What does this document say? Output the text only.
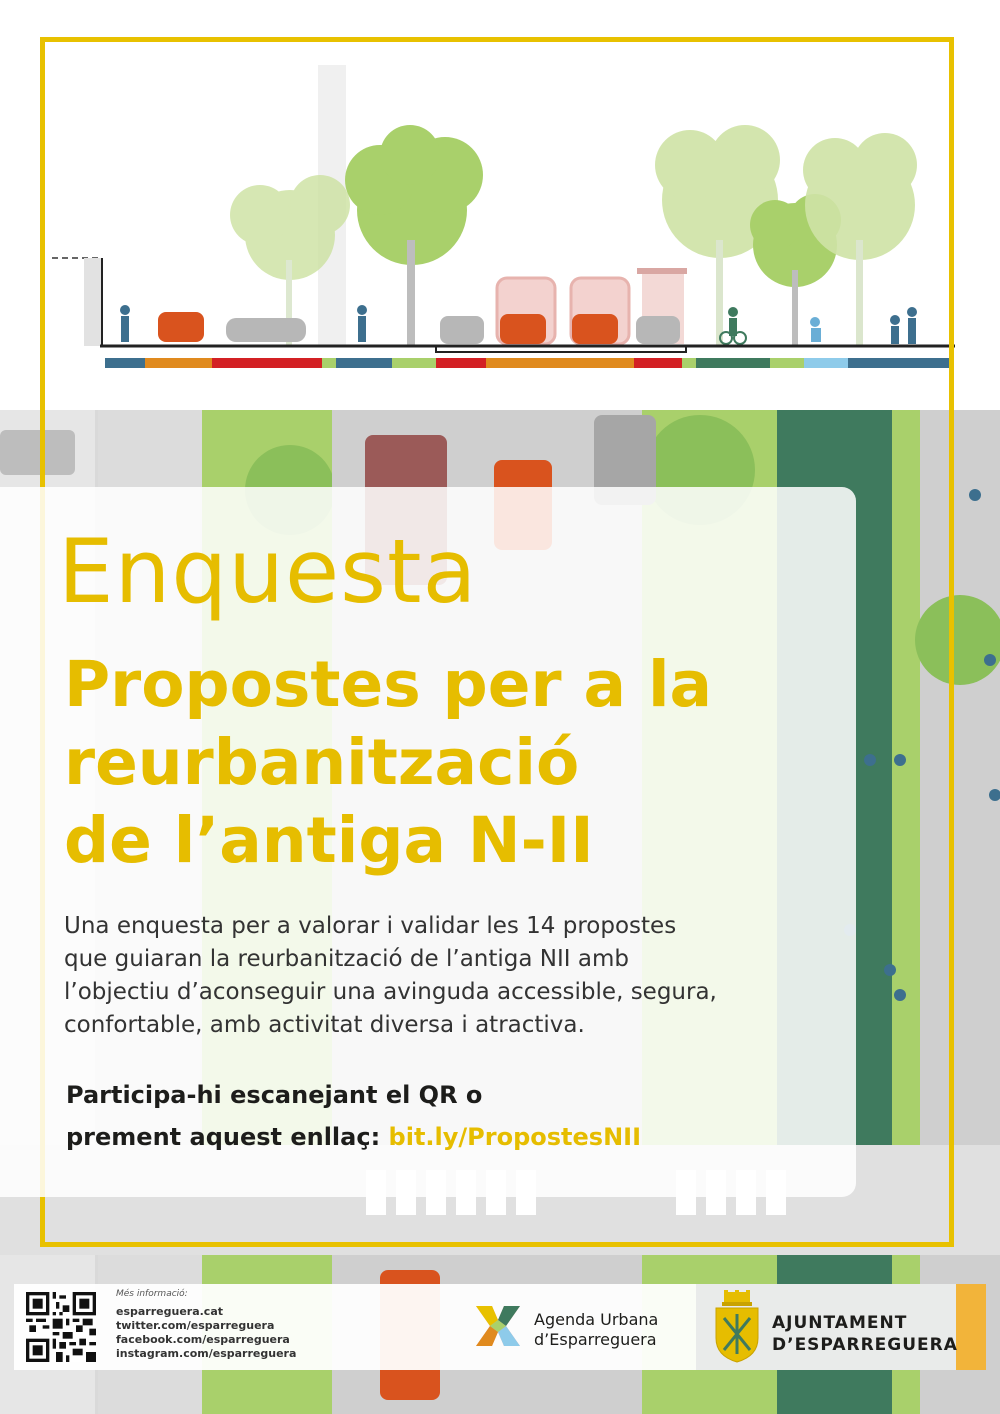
Enquesta
Propostes per a la
reurbanització
de l’antiga N-II
Una enquesta per a valorar i validar les 14 propostes
que guiaran la reurbanització de l’antiga NII amb
l’objectiu d’aconseguir una avinguda accessible, segura,
confortable, amb activitat diversa i atractiva.
Participa-hi escanejant el QR o
prement aquest enllaç: bit.ly/PropostesNII
Més informació:
esparreguera.cat
twitter.com/esparreguera
facebook.com/esparreguera
instagram.com/esparreguera
Agenda Urbana
d’Esparreguera
AJUNTAMENT
D’ESPARREGUERA
